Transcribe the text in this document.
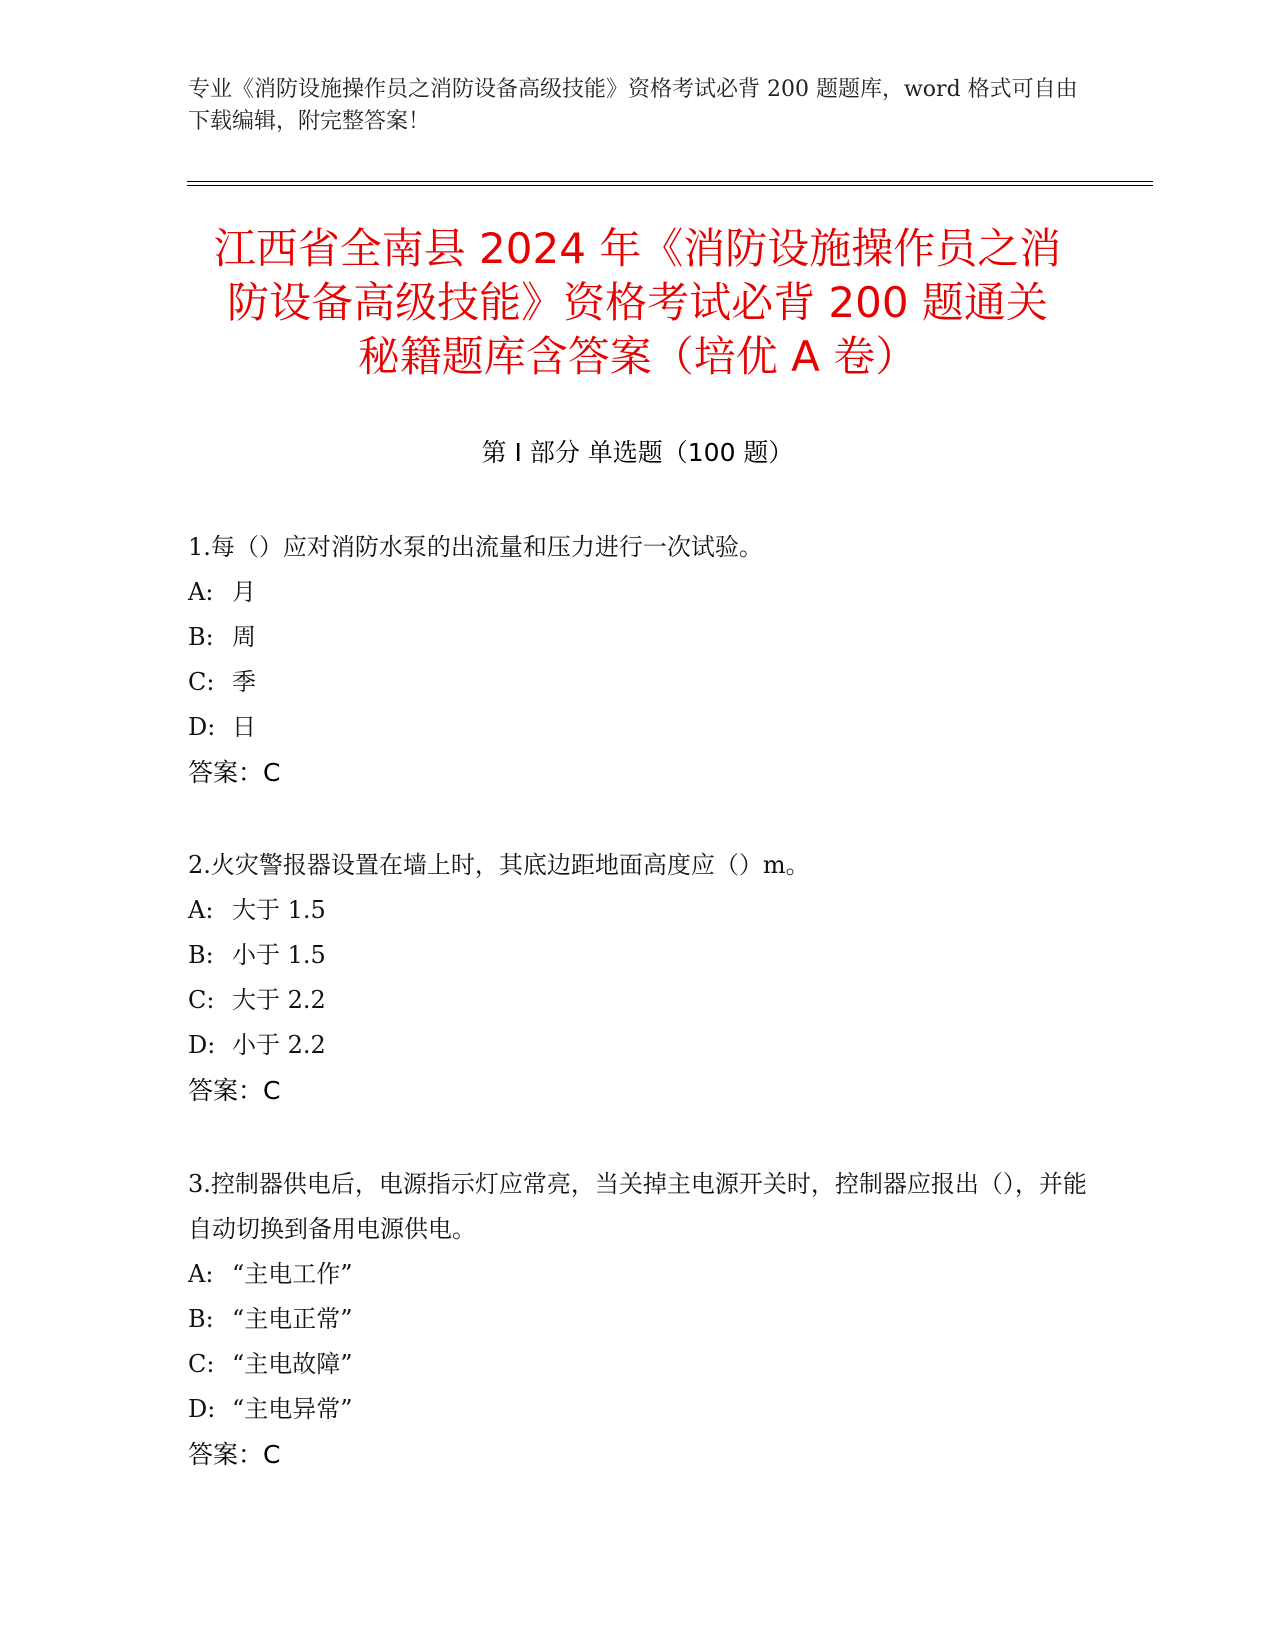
专业《消防设施操作员之消防设备高级技能》资格考试必背 200 题题库，word 格式可自由下载编辑，附完整答案！
江西省全南县 2024 年《消防设施操作员之消
防设备高级技能》资格考试必背 200 题通关
秘籍题库含答案（培优 A 卷）
第 I 部分 单选题（100 题）

1.每（）应对消防水泵的出流量和压力进行一次试验。

A: 月

B: 周

C: 季

D: 日

答案：C

2.火灾警报器设置在墙上时，其底边距地面高度应（）m。

A: 大于 1.5

B: 小于 1.5

C: 大于 2.2

D: 小于 2.2

答案：C

3.控制器供电后，电源指示灯应常亮，当关掉主电源开关时，控制器应报出（），并能自动切换到备用电源供电。

A: “主电工作”

B: “主电正常”

C: “主电故障”

D: “主电异常”

答案：C
